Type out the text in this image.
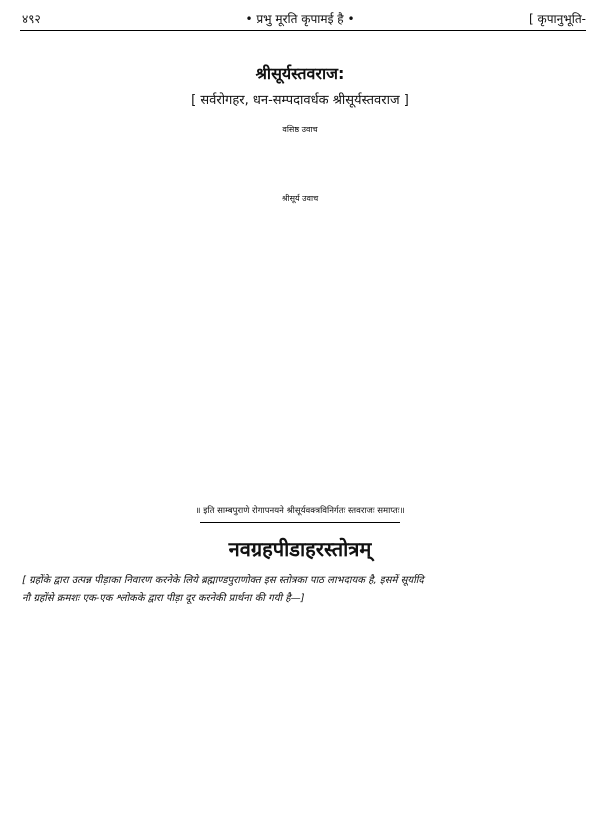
४९२	• प्रभु मूरति कृपामई है •	[ कृपानुभूति-
श्रीसूर्यस्तवराज:
[ सर्वरोगहर, धन-सम्पदावर्धक श्रीसूर्यस्तवराज ]
वसिष्ठ उवाच
श्रीसूर्य उवाच
॥ इति साम्बपुराणे रोगापनयने श्रीसूर्यवक्त्रविनिर्गतः स्तवराजः समाप्तः॥
नवग्रहपीडाहरस्तोत्रम्
[ ग्रहोंके द्वारा उत्पन्न पीड़ाका निवारण करनेके लिये ब्रह्माण्डपुराणोक्त इस स्तोत्रका पाठ लाभदायक है, इसमें सूर्यादि
नौ ग्रहोंसे क्रमशः एक-एक श्लोकके द्वारा पीड़ा दूर करनेकी प्रार्थना की गयी है—]
